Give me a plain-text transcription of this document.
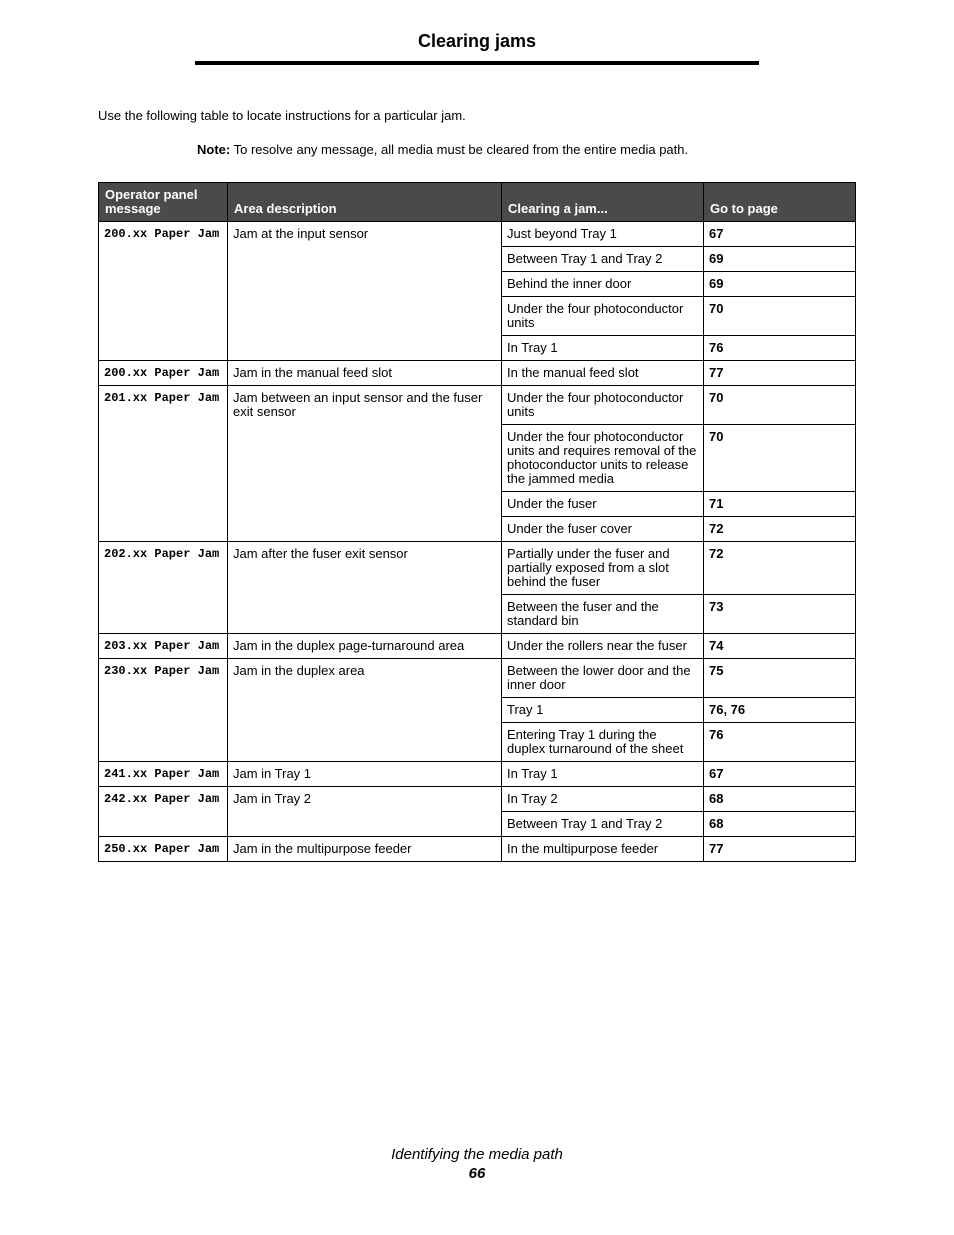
Clearing jams
Use the following table to locate instructions for a particular jam.
Note: To resolve any message, all media must be cleared from the entire media path.
Operator panel message	Area description	Clearing a jam...	Go to page
200.xx Paper Jam	Jam at the input sensor	Just beyond Tray 1	67
		Between Tray 1 and Tray 2	69
		Behind the inner door	69
		Under the four photoconductor units	70
		In Tray 1	76
200.xx Paper Jam	Jam in the manual feed slot	In the manual feed slot	77
201.xx Paper Jam	Jam between an input sensor and the fuser exit sensor	Under the four photoconductor units	70
		Under the four photoconductor units and requires removal of the photoconductor units to release the jammed media	70
		Under the fuser	71
		Under the fuser cover	72
202.xx Paper Jam	Jam after the fuser exit sensor	Partially under the fuser and partially exposed from a slot behind the fuser	72
		Between the fuser and the standard bin	73
203.xx Paper Jam	Jam in the duplex page-turnaround area	Under the rollers near the fuser	74
230.xx Paper Jam	Jam in the duplex area	Between the lower door and the inner door	75
		Tray 1	76, 76
		Entering Tray 1 during the duplex turnaround of the sheet	76
241.xx Paper Jam	Jam in Tray 1	In Tray 1	67
242.xx Paper Jam	Jam in Tray 2	In Tray 2	68
		Between Tray 1 and Tray 2	68
250.xx Paper Jam	Jam in the multipurpose feeder	In the multipurpose feeder	77
Identifying the media path
66
